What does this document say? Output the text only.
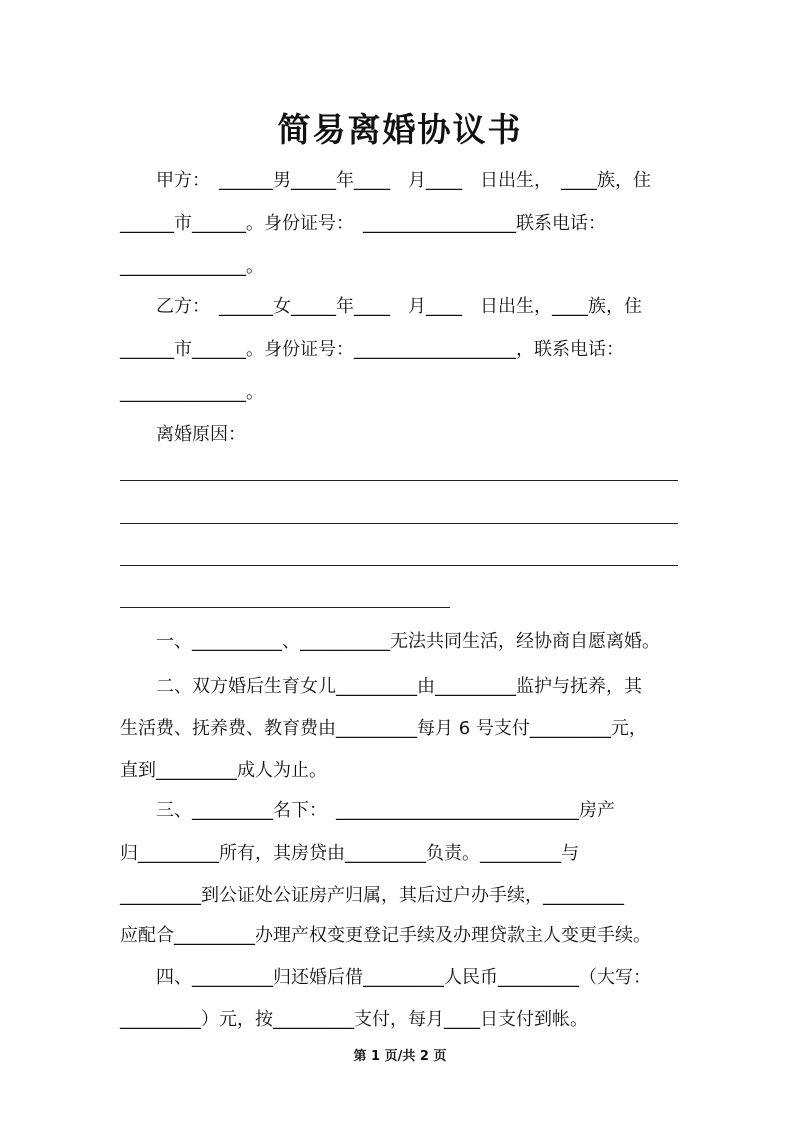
简易离婚协议书
　　甲方：　______男_____年____　月____　日出生，　____族，住
______市______。身份证号：　_________________联系电话：
______________。
　　乙方：　______女_____年____　月____　日出生，____族，住
______市______。身份证号：__________________，联系电话：
______________。
　　离婚原因：
　　一、__________、__________无法共同生活，经协商自愿离婚。
　　二、双方婚后生育女儿_________由_________监护与抚养，其
生活费、抚养费、教育费由_________每月 6 号支付_________元，
直到_________成人为止。
　　三、_________名下：　___________________________房产
归_________所有，其房贷由_________负责。_________与
_________到公证处公证房产归属，其后过户办手续，_________
应配合_________办理产权变更登记手续及办理贷款主人变更手续。
　　四、_________归还婚后借_________人民币_________（大写：
_________）元，按_________支付，每月____日支付到帐。
第 1 页/共 2 页
